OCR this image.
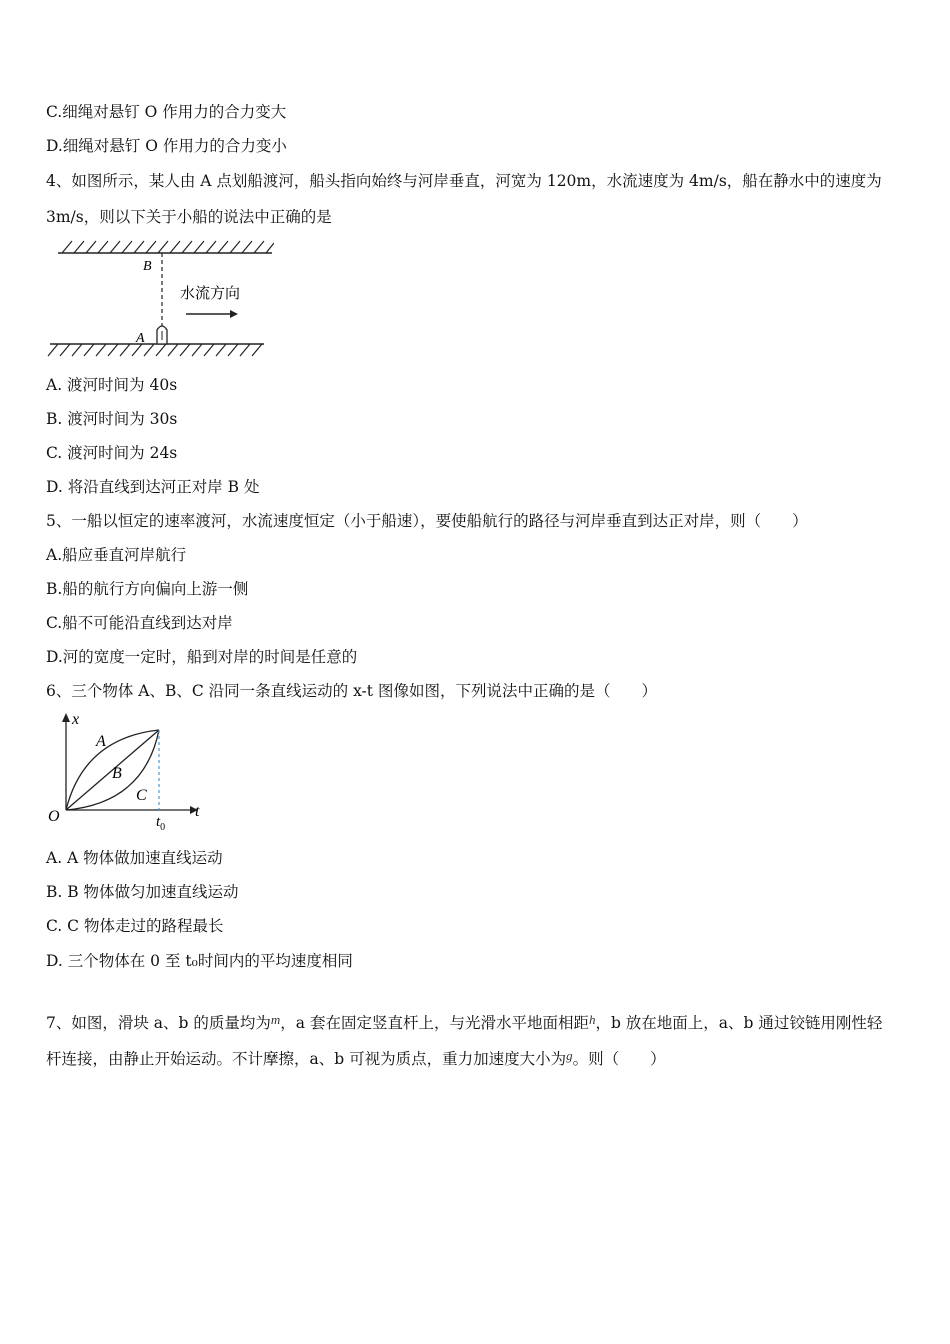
C.细绳对悬钉 O 作用力的合力变大
D.细绳对悬钉 O 作用力的合力变小
4、如图所示，某人由 A 点划船渡河，船头指向始终与河岸垂直，河宽为 120m，水流速度为 4m/s，船在静水中的速度为
3m/s，则以下关于小船的说法中正确的是
B
A
水流方向
A. 渡河时间为 40s
B. 渡河时间为 30s
C. 渡河时间为 24s
D. 将沿直线到达河正对岸 B 处
5、一船以恒定的速率渡河，水流速度恒定（小于船速），要使船航行的路径与河岸垂直到达正对岸，则（　　）
A.船应垂直河岸航行
B.船的航行方向偏向上游一侧
C.船不可能沿直线到达对岸
D.河的宽度一定时，船到对岸的时间是任意的
6、三个物体 A、B、C 沿同一条直线运动的 x-t 图像如图，下列说法中正确的是（　　）
x
t
O	$t_0$
A
B
C
A. A 物体做加速直线运动
B. B 物体做匀加速直线运动
C. C 物体走过的路程最长
D. 三个物体在 0 至 t₀时间内的平均速度相同
7、如图，滑块 a、b 的质量均为$^m$，a 套在固定竖直杆上，与光滑水平地面相距$^h$，b 放在地面上，a、b 通过铰链用刚性轻
杆连接，由静止开始运动。不计摩擦，a、b 可视为质点，重力加速度大小为$^g$。则（　　）
